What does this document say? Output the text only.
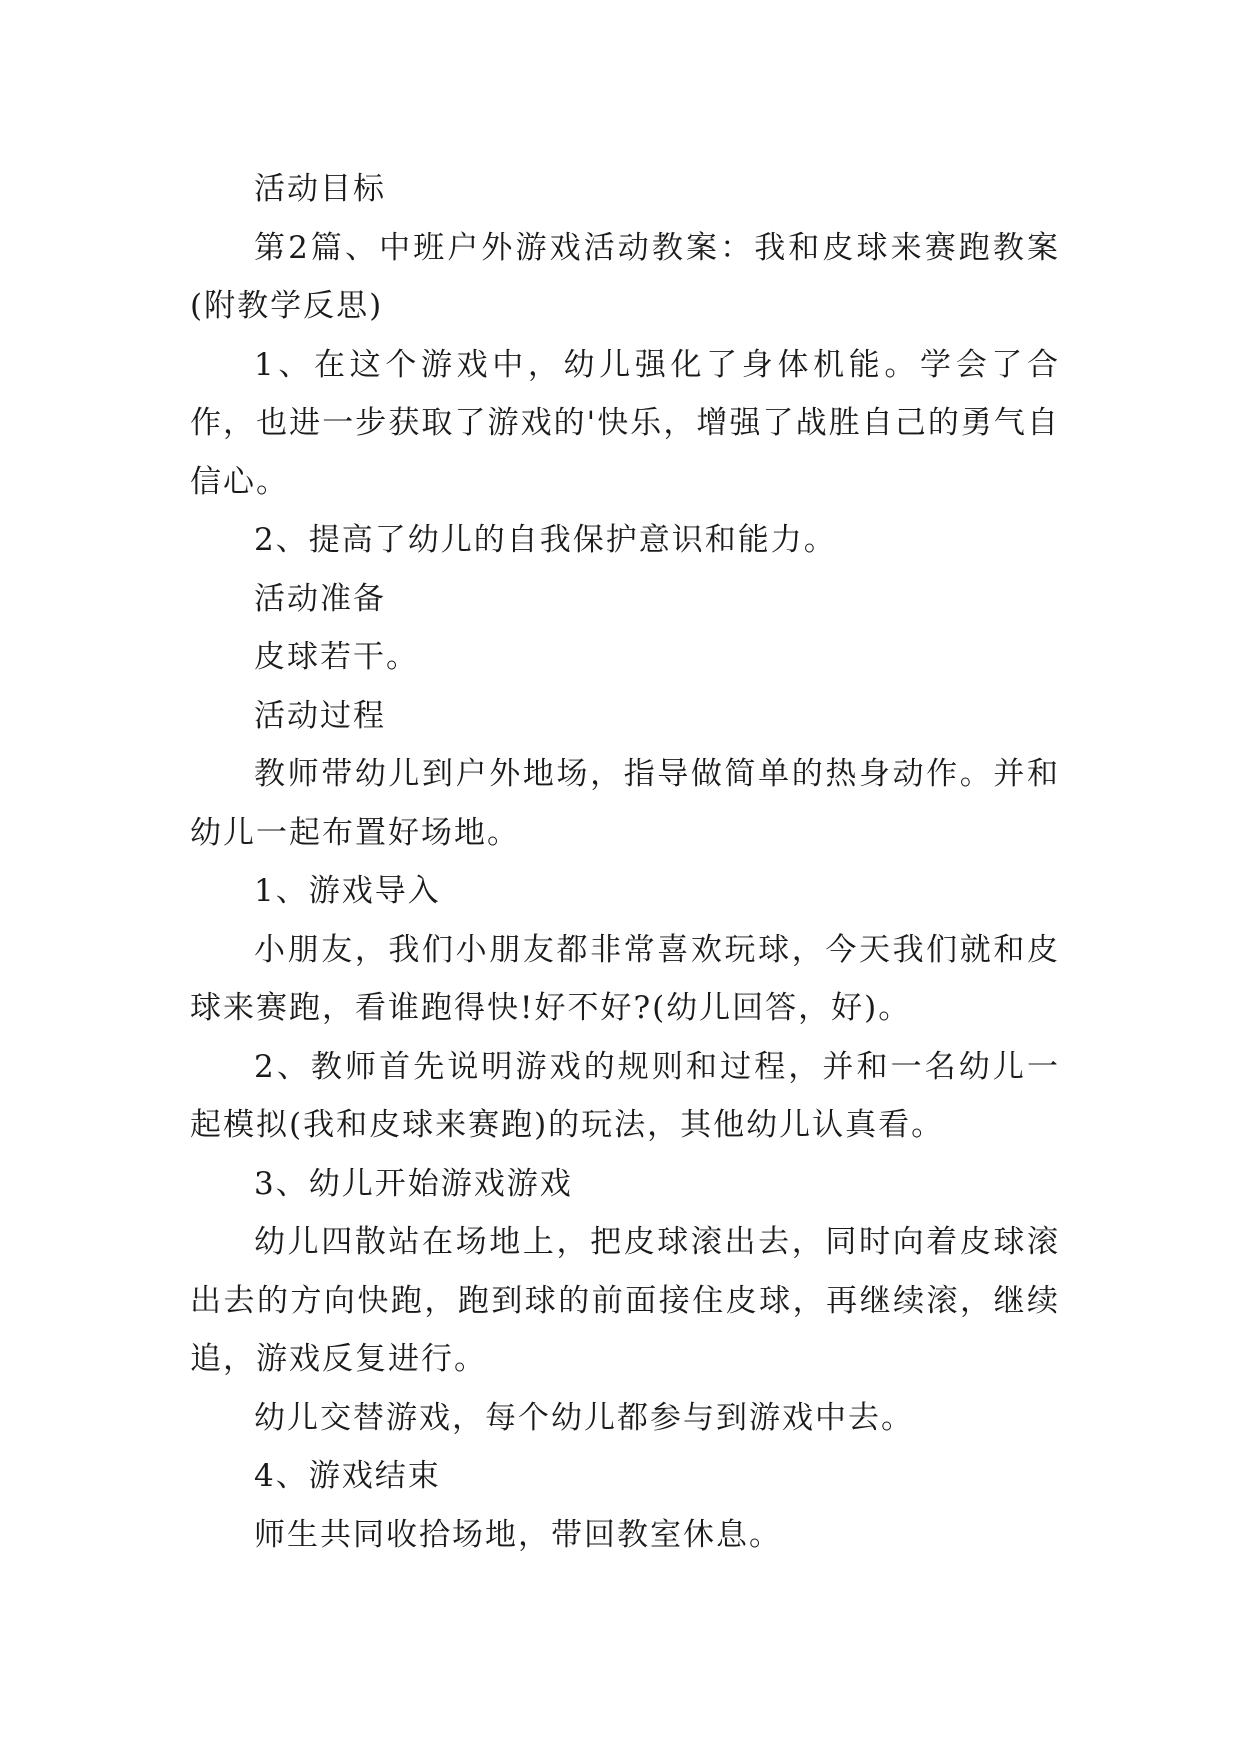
活动目标

第2篇、中班户外游戏活动教案：我和皮球来赛跑教案(附教学反思)

1、在这个游戏中，幼儿强化了身体机能。学会了合作，也进一步获取了游戏的'快乐，增强了战胜自己的勇气自信心。

2、提高了幼儿的自我保护意识和能力。

活动准备

皮球若干。

活动过程

教师带幼儿到户外地场，指导做简单的热身动作。并和幼儿一起布置好场地。

1、游戏导入

小朋友，我们小朋友都非常喜欢玩球，今天我们就和皮球来赛跑，看谁跑得快!好不好?(幼儿回答，好)。

2、教师首先说明游戏的规则和过程，并和一名幼儿一起模拟(我和皮球来赛跑)的玩法，其他幼儿认真看。

3、幼儿开始游戏游戏

幼儿四散站在场地上，把皮球滚出去，同时向着皮球滚出去的方向快跑，跑到球的前面接住皮球，再继续滚，继续追，游戏反复进行。

幼儿交替游戏，每个幼儿都参与到游戏中去。

4、游戏结束

师生共同收拾场地，带回教室休息。
